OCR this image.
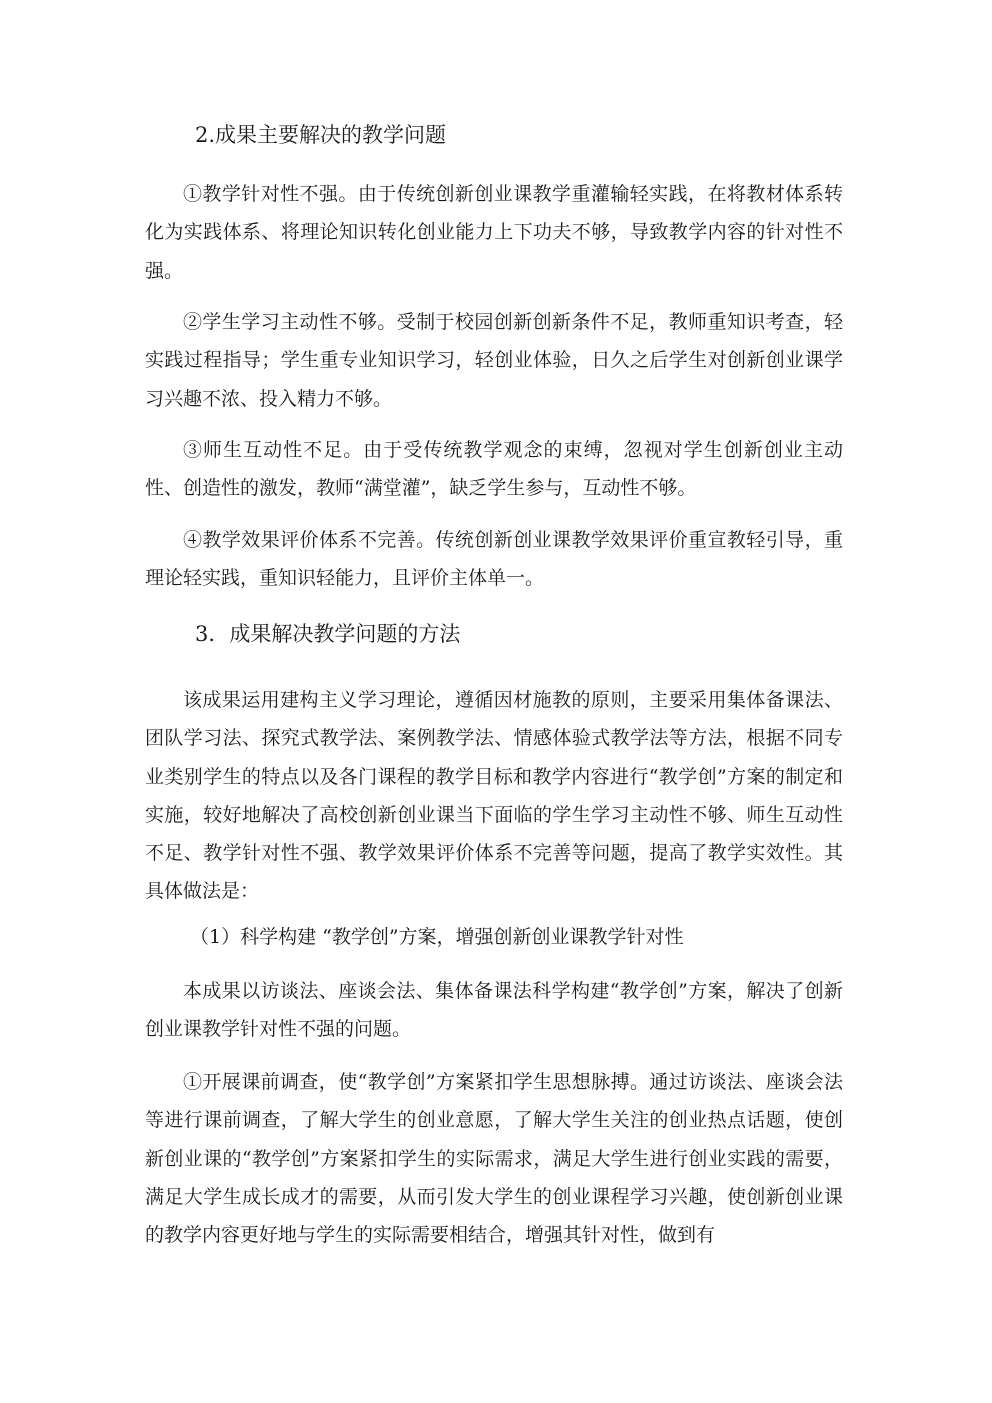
2.成果主要解决的教学问题

①教学针对性不强。由于传统创新创业课教学重灌输轻实践，在将教材体系转化为实践体系、将理论知识转化创业能力上下功夫不够，导致教学内容的针对性不强。

②学生学习主动性不够。受制于校园创新创新条件不足，教师重知识考查，轻实践过程指导；学生重专业知识学习，轻创业体验，日久之后学生对创新创业课学习兴趣不浓、投入精力不够。

③师生互动性不足。由于受传统教学观念的束缚，忽视对学生创新创业主动性、创造性的激发，教师“满堂灌”，缺乏学生参与，互动性不够。

④教学效果评价体系不完善。传统创新创业课教学效果评价重宣教轻引导，重理论轻实践，重知识轻能力，且评价主体单一。

3．成果解决教学问题的方法

该成果运用建构主义学习理论，遵循因材施教的原则，主要采用集体备课法、团队学习法、探究式教学法、案例教学法、情感体验式教学法等方法，根据不同专业类别学生的特点以及各门课程的教学目标和教学内容进行“教学创”方案的制定和实施，较好地解决了高校创新创业课当下面临的学生学习主动性不够、师生互动性不足、教学针对性不强、教学效果评价体系不完善等问题，提高了教学实效性。其具体做法是：

（1）科学构建 “教学创”方案，增强创新创业课教学针对性

本成果以访谈法、座谈会法、集体备课法科学构建“教学创”方案，解决了创新创业课教学针对性不强的问题。

①开展课前调查，使“教学创”方案紧扣学生思想脉搏。通过访谈法、座谈会法等进行课前调查，了解大学生的创业意愿，了解大学生关注的创业热点话题，使创新创业课的“教学创”方案紧扣学生的实际需求，满足大学生进行创业实践的需要，满足大学生成长成才的需要，从而引发大学生的创业课程学习兴趣，使创新创业课的教学内容更好地与学生的实际需要相结合，增强其针对性，做到有
